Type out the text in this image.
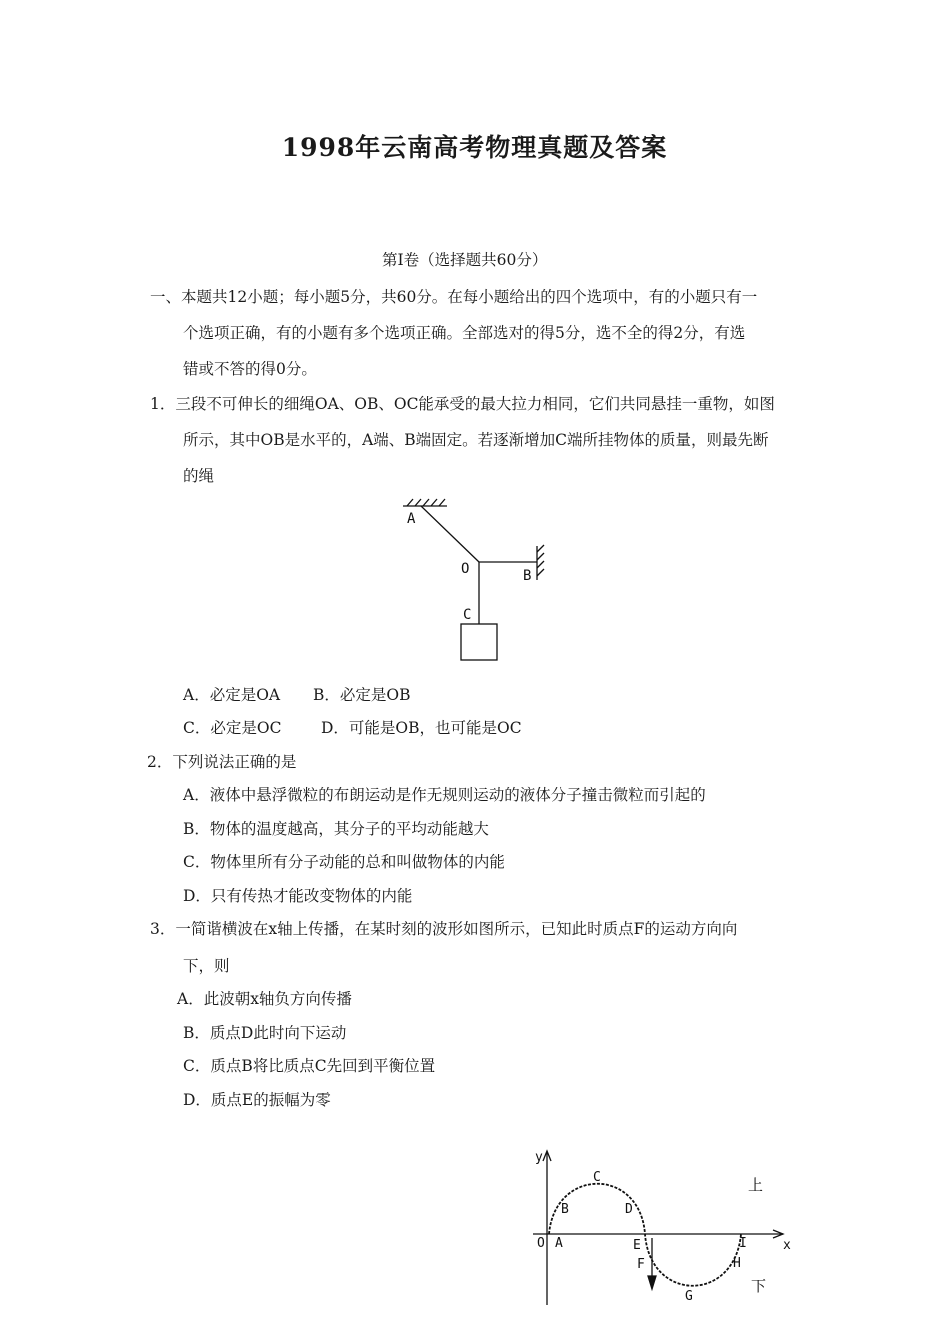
1998年云南高考物理真题及答案
第Ⅰ卷（选择题共60分）
一、本题共12小题；每小题5分，共60分。在每小题给出的四个选项中，有的小题只有一
个选项正确，有的小题有多个选项正确。全部选对的得5分，选不全的得2分，有选
错或不答的得0分。
1．三段不可伸长的细绳OA、OB、OC能承受的最大拉力相同，它们共同悬挂一重物，如图
所示，其中OB是水平的，A端、B端固定。若逐渐增加C端所挂物体的质量，则最先断
的绳
A
O	B
C
A．必定是OA B．必定是OB
C．必定是OC	D．可能是OB，也可能是OC
2．下列说法正确的是
A．液体中悬浮微粒的布朗运动是作无规则运动的液体分子撞击微粒而引起的
B．物体的温度越高，其分子的平均动能越大
C．物体里所有分子动能的总和叫做物体的内能
D．只有传热才能改变物体的内能
3．一简谐横波在x轴上传播，在某时刻的波形如图所示，已知此时质点F的运动方向向
下，则
A．此波朝x轴负方向传播
B．质点D此时向下运动
C．质点B将比质点C先回到平衡位置
D．质点E的振幅为零
y
x
O A
B
C
D
E
F
G
H
I
上
下
